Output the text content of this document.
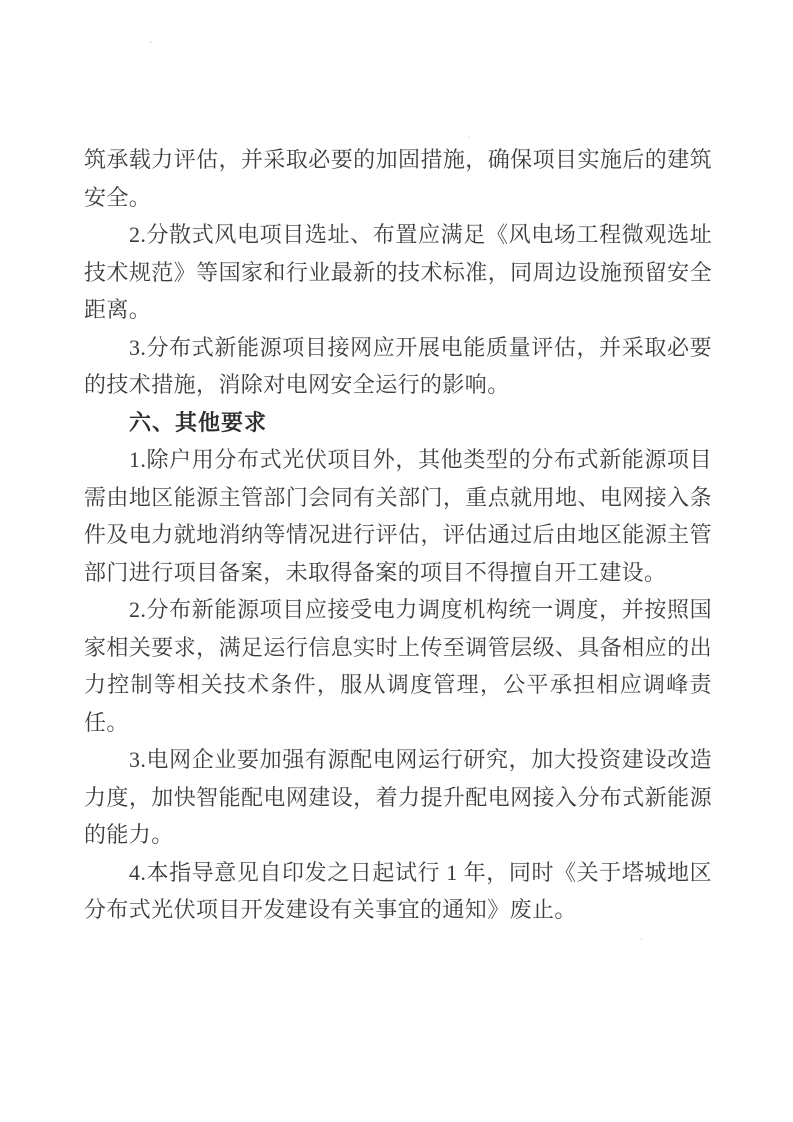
筑承载力评估，并采取必要的加固措施，确保项目实施后的建筑安全。

2.分散式风电项目选址、布置应满足《风电场工程微观选址技术规范》等国家和行业最新的技术标准，同周边设施预留安全距离。

3.分布式新能源项目接网应开展电能质量评估，并采取必要的技术措施，消除对电网安全运行的影响。

六、其他要求

1.除户用分布式光伏项目外，其他类型的分布式新能源项目需由地区能源主管部门会同有关部门，重点就用地、电网接入条件及电力就地消纳等情况进行评估，评估通过后由地区能源主管部门进行项目备案，未取得备案的项目不得擅自开工建设。

2.分布新能源项目应接受电力调度机构统一调度，并按照国家相关要求，满足运行信息实时上传至调管层级、具备相应的出力控制等相关技术条件，服从调度管理，公平承担相应调峰责任。

3.电网企业要加强有源配电网运行研究，加大投资建设改造力度，加快智能配电网建设，着力提升配电网接入分布式新能源的能力。

4.本指导意见自印发之日起试行 1 年，同时《关于塔城地区分布式光伏项目开发建设有关事宜的通知》废止。
